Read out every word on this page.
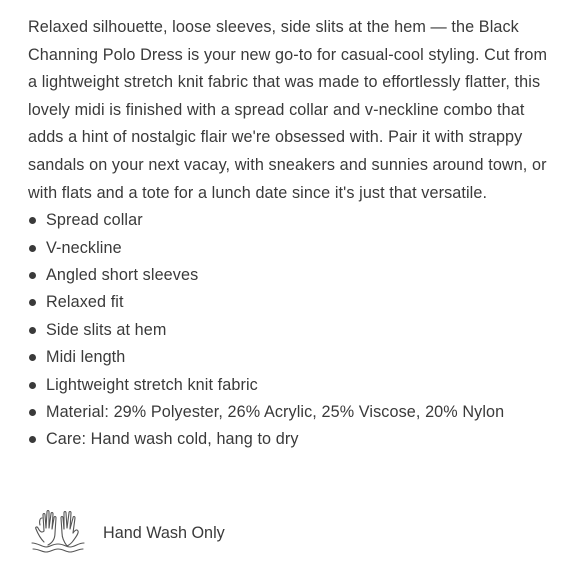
Relaxed silhouette, loose sleeves, side slits at the hem — the Black Channing Polo Dress is your new go-to for casual-cool styling. Cut from a lightweight stretch knit fabric that was made to effortlessly flatter, this lovely midi is finished with a spread collar and v-neckline combo that adds a hint of nostalgic flair we're obsessed with. Pair it with strappy sandals on your next vacay, with sneakers and sunnies around town, or with flats and a tote for a lunch date since it's just that versatile.

Spread collar
V-neckline
Angled short sleeves
Relaxed fit
Side slits at hem
Midi length
Lightweight stretch knit fabric
Material: 29% Polyester, 26% Acrylic, 25% Viscose, 20% Nylon
Care: Hand wash cold, hang to dry
Hand Wash Only
